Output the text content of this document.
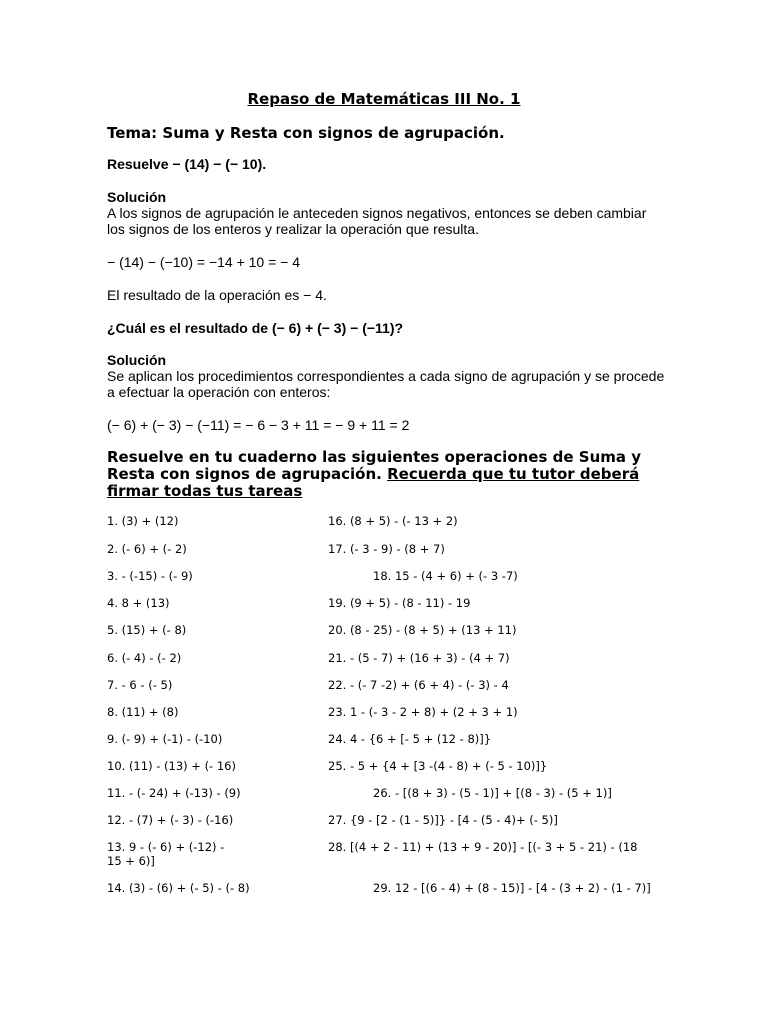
Repaso de Matemáticas III No. 1
Tema: Suma y Resta con signos de agrupación.
Resuelve − (14) − (− 10).
Solución
A los signos de agrupación le anteceden signos negativos, entonces se deben cambiar los signos de los enteros y realizar la operación que resulta.
− (14) − (−10) = −14 + 10 = − 4
El resultado de la operación es − 4.
¿Cuál es el resultado de (− 6) + (− 3) − (−11)?
Solución
Se aplican los procedimientos correspondientes a cada signo de agrupación y se procede a efectuar la operación con enteros:
(− 6) + (− 3) − (−11) = − 6 − 3 + 11 = − 9 + 11 = 2
Resuelve en tu cuaderno las siguientes operaciones de Suma y Resta con signos de agrupación. Recuerda que tu tutor deberá firmar todas tus tareas
1. (3) + (12)
2. (- 6) + (- 2)
3. - (-15) - (- 9)
4. 8 + (13)
5. (15) + (- 8)
6. (- 4) - (- 2)
7. - 6 - (- 5)
8. (11) + (8)
9. (- 9) + (-1) - (-10)
10. (11) - (13) + (- 16)
11. - (- 24) + (-13) - (9)
12. - (7) + (- 3) - (-16)
13. 9 - (- 6) + (-12) - 15 + 6)]
14. (3) - (6) + (- 5) - (- 8)
16. (8 + 5) - (- 13 + 2)
17. (- 3 - 9) - (8 + 7)
18. 15 - (4 + 6) + (- 3 -7)
19. (9 + 5) - (8 - 11) - 19
20. (8 - 25) - (8 + 5) + (13 + 11)
21. - (5 - 7) + (16 + 3) - (4 + 7)
22. - (- 7 -2) + (6 + 4) - (- 3) - 4
23. 1 - (- 3 - 2 + 8) + (2 + 3 + 1)
24. 4 - {6 + [- 5 + (12 - 8)]}
25. - 5 + {4 + [3 -(4 - 8) + (- 5 - 10)]}
26. - [(8 + 3) - (5 - 1)] + [(8 - 3) - (5 + 1)]
27. {9 - [2 - (1 - 5)]} - [4 - (5 - 4)+ (- 5)]
28. [(4 + 2 - 11) + (13 + 9 - 20)] - [(- 3 + 5 - 21) - (18
29. 12 - [(6 - 4) + (8 - 15)] - [4 - (3 + 2) - (1 - 7)]
